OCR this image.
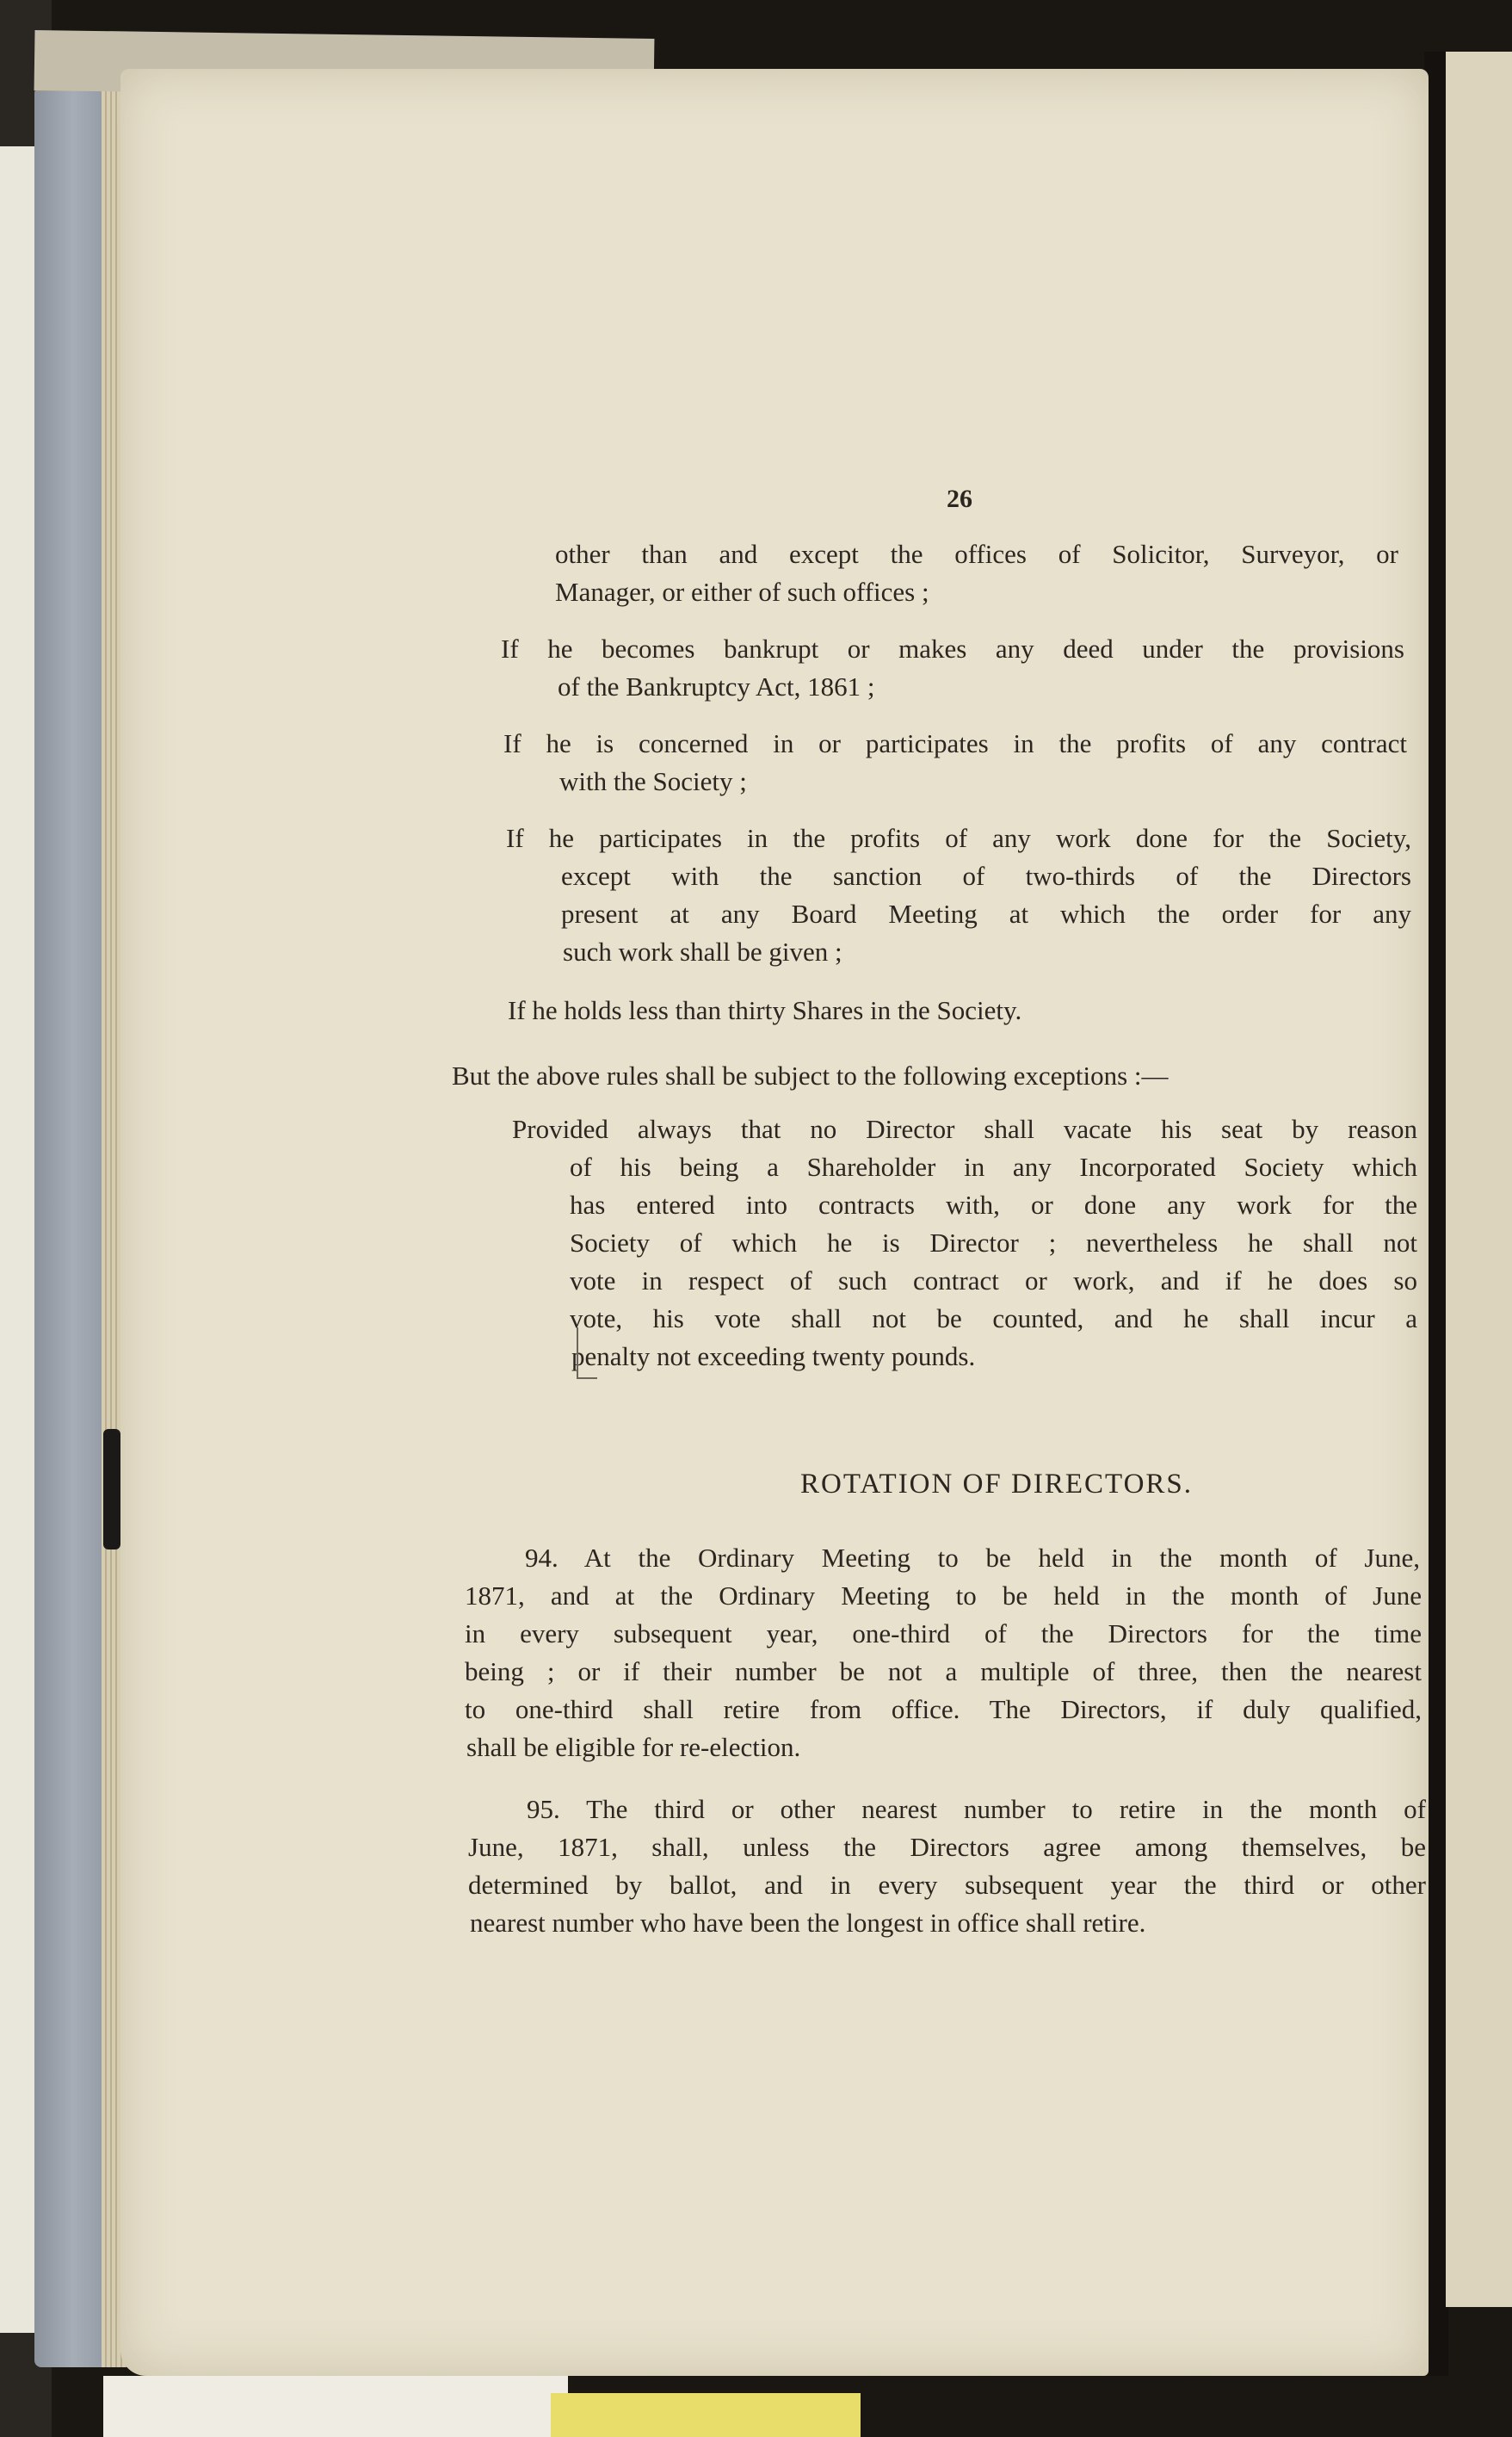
26
other than and except the offices of Solicitor, Surveyor, or
Manager, or either of such offices ;
If he becomes bankrupt or makes any deed under the provisions
of the Bankruptcy Act, 1861 ;
If he is concerned in or participates in the profits of any contract
with the Society ;
If he participates in the profits of any work done for the Society,
except with the sanction of two-thirds of the Directors
present at any Board Meeting at which the order for any
such work shall be given ;
If he holds less than thirty Shares in the Society.
But the above rules shall be subject to the following exceptions :—
Provided always that no Director shall vacate his seat by reason
of his being a Shareholder in any Incorporated Society which
has entered into contracts with, or done any work for the
Society of which he is Director ; nevertheless he shall not
vote in respect of such contract or work, and if he does so
vote, his vote shall not be counted, and he shall incur a
penalty not exceeding twenty pounds.
ROTATION OF DIRECTORS.
94. At the Ordinary Meeting to be held in the month of June,
1871, and at the Ordinary Meeting to be held in the month of June
in every subsequent year, one-third of the Directors for the time
being ; or if their number be not a multiple of three, then the nearest
to one-third shall retire from office. The Directors, if duly qualified,
shall be eligible for re-election.
95. The third or other nearest number to retire in the month of
June, 1871, shall, unless the Directors agree among themselves, be
determined by ballot, and in every subsequent year the third or other
nearest number who have been the longest in office shall retire.
